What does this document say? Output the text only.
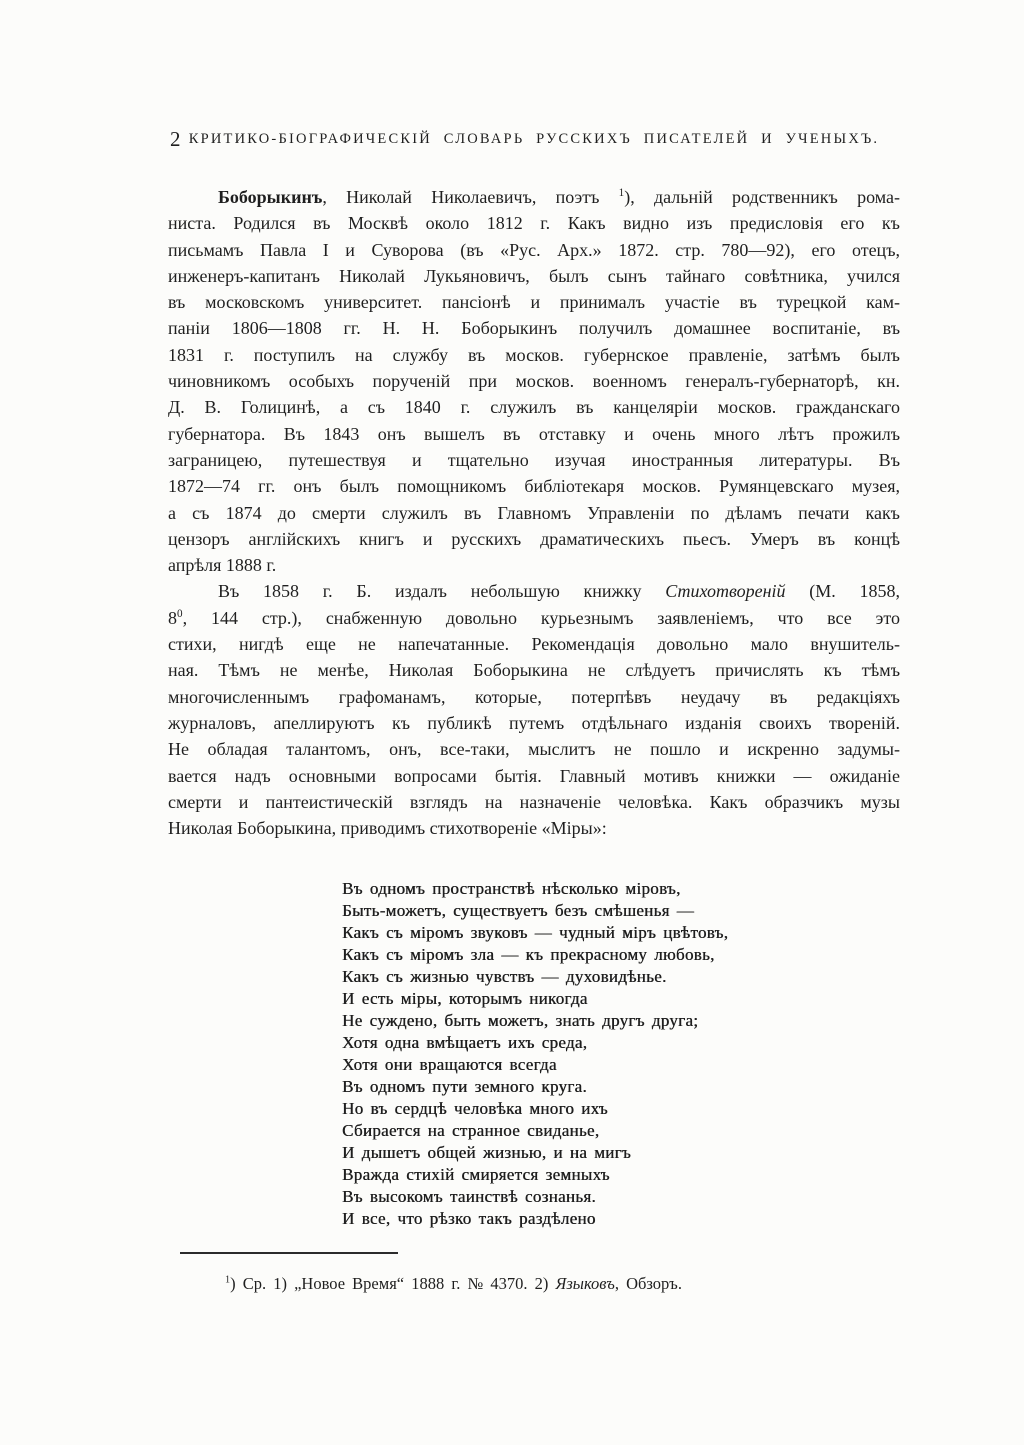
2 КРИТИКО-БІОГРАФИЧЕСКІЙ СЛОВАРЬ РУССКИХЪ ПИСАТЕЛЕЙ И УЧЕНЫХЪ.
Боборыкинъ, Николай Николаевичъ, поэтъ $^1$), дальній родственникъ рома-
ниста. Родился въ Москвѣ около 1812 г. Какъ видно изъ предисловія его къ
письмамъ Павла I и Суворова (въ «Рус. Арх.» 1872. стр. 780—92), его отецъ,
инженеръ-капитанъ Николай Лукьяновичъ, былъ сынъ тайнаго совѣтника, учился
въ московскомъ университет. пансіонѣ и принималъ участіе въ турецкой кам-
паніи 1806—1808 гг. Н. Н. Боборыкинъ получилъ домашнее воспитаніе, въ
1831 г. поступилъ на службу въ москов. губернское правленіе, затѣмъ былъ
чиновникомъ особыхъ порученій при москов. военномъ генералъ-губернаторѣ, кн.
Д. В. Голицинѣ, а съ 1840 г. служилъ въ канцеляріи москов. гражданскаго
губернатора. Въ 1843 онъ вышелъ въ отставку и очень много лѣтъ прожилъ
заграницею, путешествуя и тщательно изучая иностранныя литературы. Въ
1872—74 гг. онъ былъ помощникомъ библіотекаря москов. Румянцевскаго музея,
а съ 1874 до смерти служилъ въ Главномъ Управленіи по дѣламъ печати какъ
цензоръ англійскихъ книгъ и русскихъ драматическихъ пьесъ. Умеръ въ концѣ
апрѣля 1888 г.
Въ 1858 г. Б. издалъ небольшую книжку Стихотвореній (М. 1858,
$8^0$, 144 стр.), снабженную довольно курьезнымъ заявленіемъ, что все это
стихи, нигдѣ еще не напечатанные. Рекомендація довольно мало внушитель-
ная. Тѣмъ не менѣе, Николая Боборыкина не слѣдуетъ причислять къ тѣмъ
многочисленнымъ графоманамъ, которые, потерпѣвъ неудачу въ редакціяхъ
журналовъ, апеллируютъ къ публикѣ путемъ отдѣльнаго изданія своихъ твореній.
Не обладая талантомъ, онъ, все-таки, мыслитъ не пошло и искренно задумы-
вается надъ основными вопросами бытія. Главный мотивъ книжки — ожиданіе
смерти и пантеистическій взглядъ на назначеніе человѣка. Какъ образчикъ музы
Николая Боборыкина, приводимъ стихотвореніе «Міры»:
Въ одномъ пространствѣ нѣсколько міровъ,
Быть-можетъ, существуетъ безъ смѣшенья —
Какъ съ міромъ звуковъ — чудный міръ цвѣтовъ,
Какъ съ міромъ зла — къ прекрасному любовь,
Какъ съ жизнью чувствъ — духовидѣнье.
И есть міры, которымъ никогда
Не суждено, быть можетъ, знать другъ друга;
Хотя одна вмѣщаетъ ихъ среда,
Хотя они вращаются всегда
Въ одномъ пути земного круга.
Но въ сердцѣ человѣка много ихъ
Сбирается на странное свиданье,
И дышетъ общей жизнью, и на мигъ
Вражда стихій смиряется земныхъ
Въ высокомъ таинствѣ сознанья.
И все, что рѣзко такъ раздѣлено
$^1$) Ср. 1) „Новое Время“ 1888 г. № 4370. 2) Языковъ, Обзоръ.
